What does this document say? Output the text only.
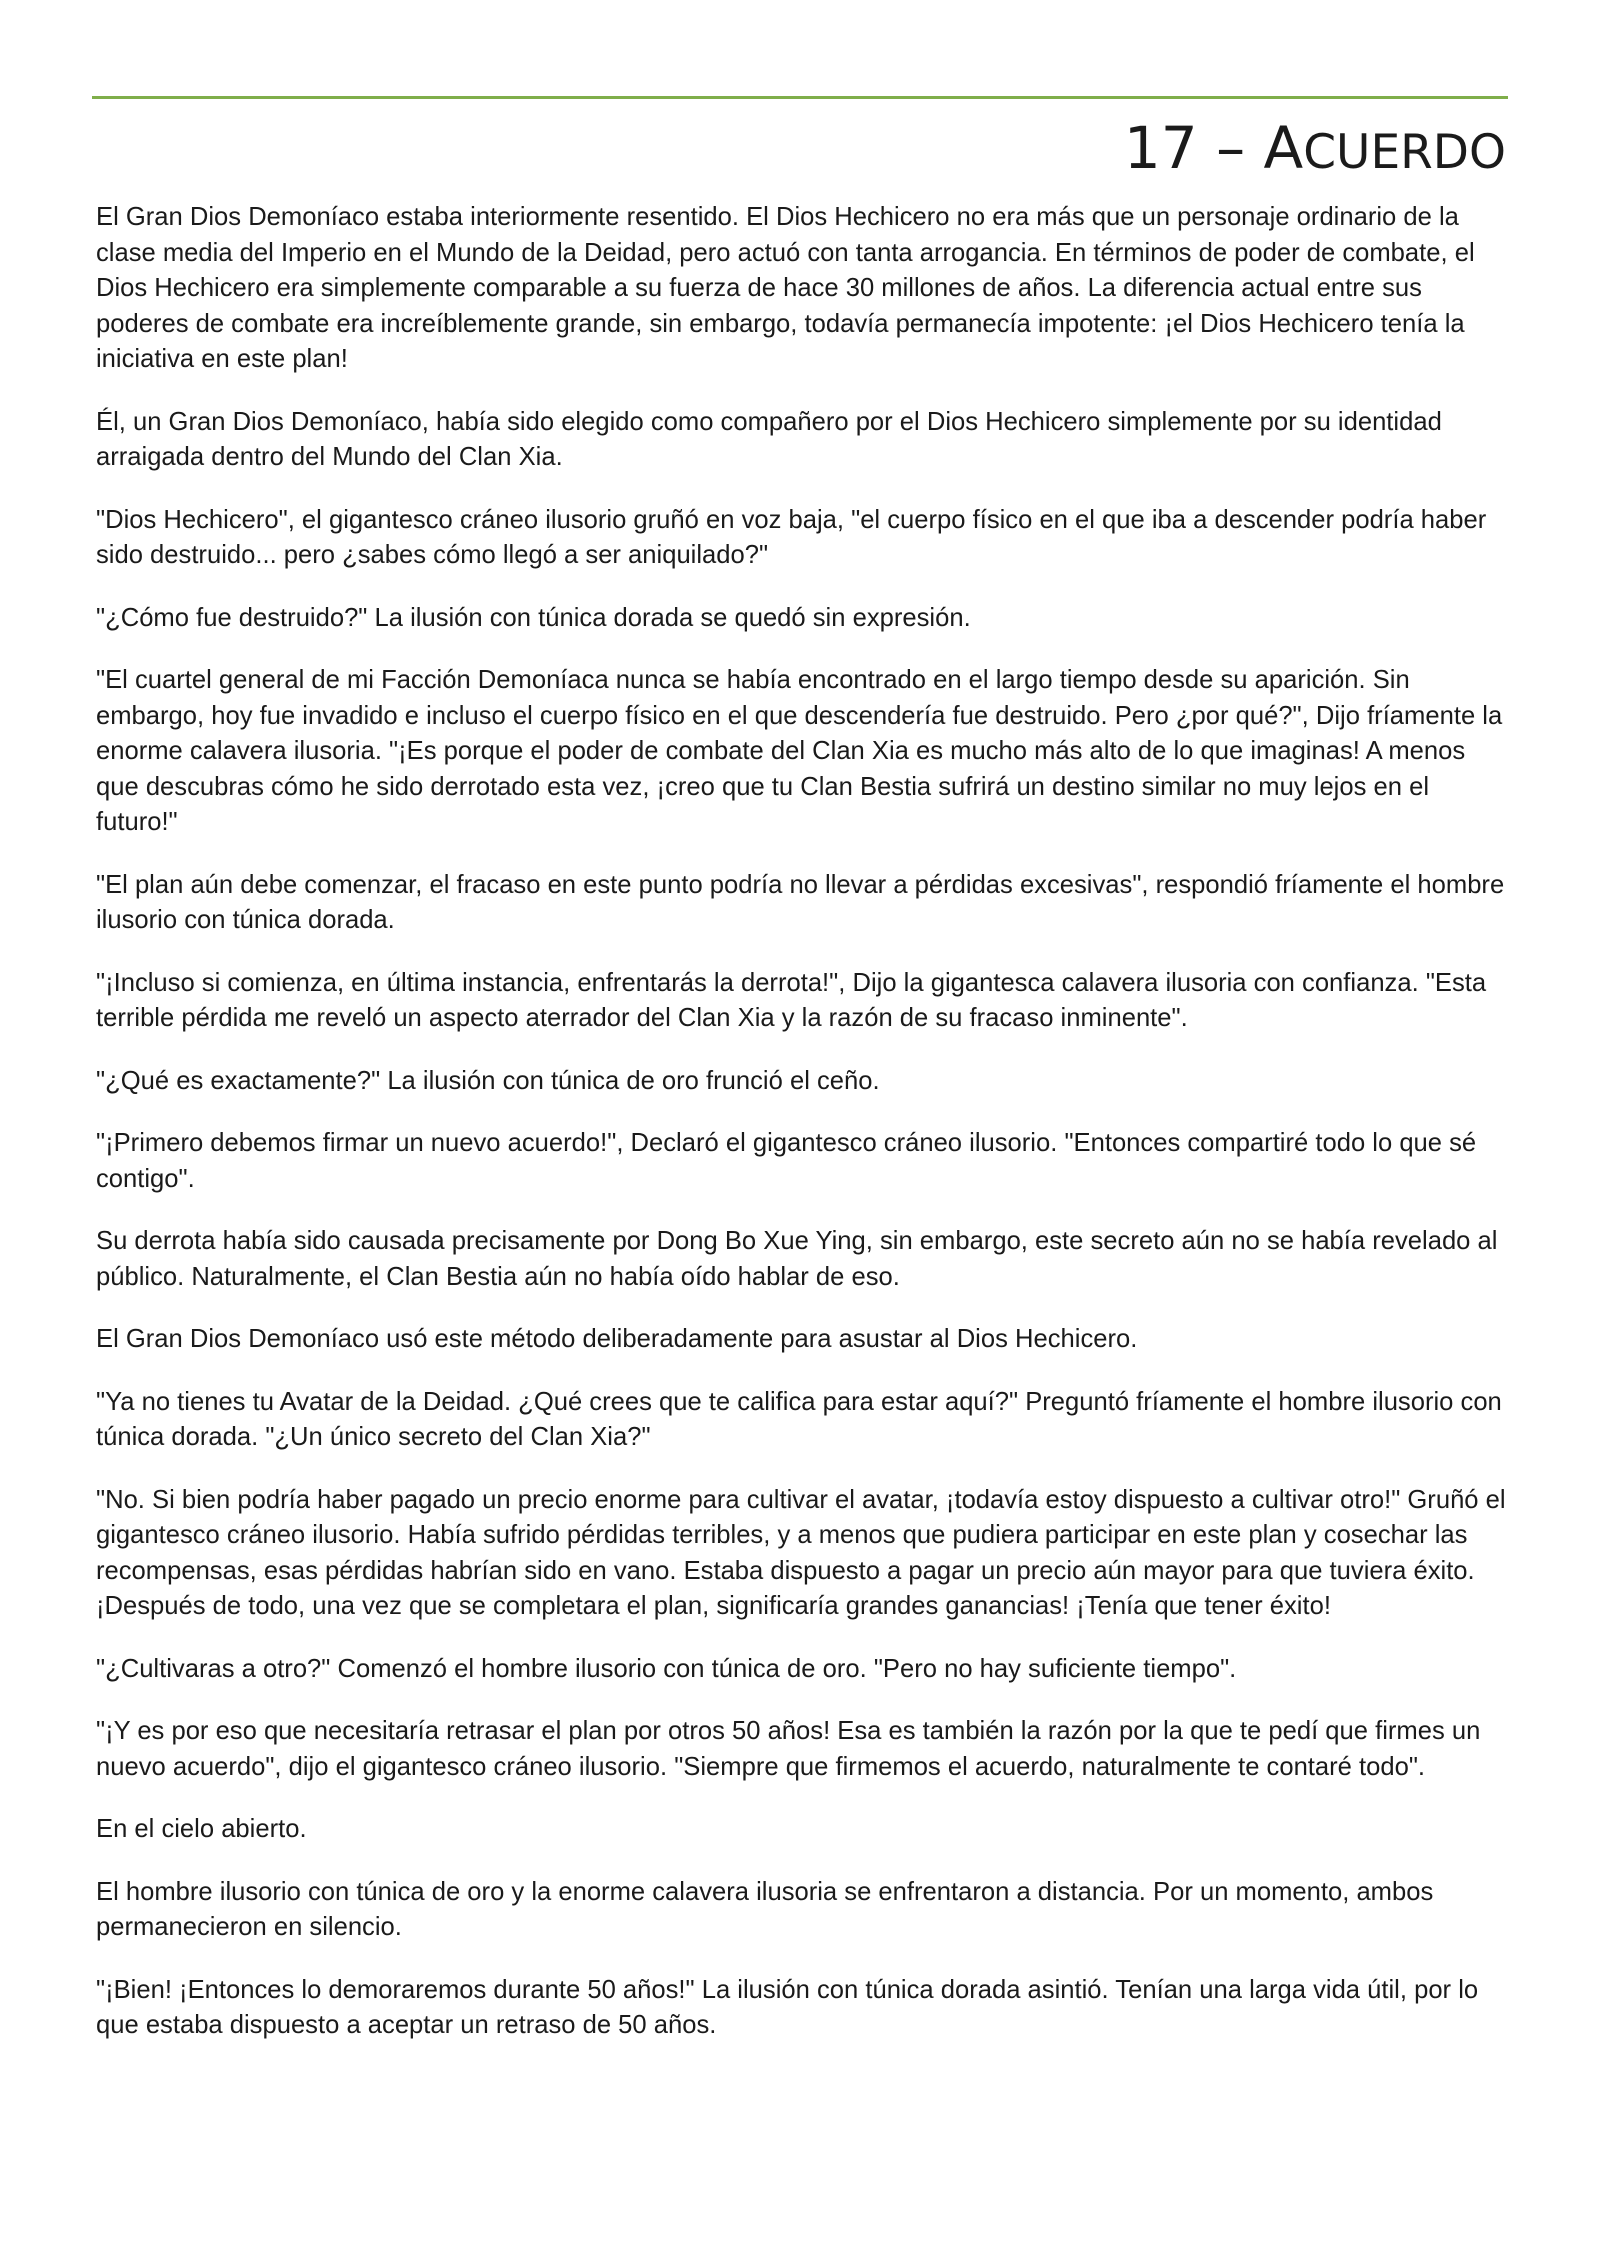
17 – ACUERDO

El Gran Dios Demoníaco estaba interiormente resentido. El Dios Hechicero no era más que un personaje ordinario de la clase media del Imperio en el Mundo de la Deidad, pero actuó con tanta arrogancia. En términos de poder de combate, el Dios Hechicero era simplemente comparable a su fuerza de hace 30 millones de años. La diferencia actual entre sus poderes de combate era increíblemente grande, sin embargo, todavía permanecía impotente: ¡el Dios Hechicero tenía la iniciativa en este plan!

Él, un Gran Dios Demoníaco, había sido elegido como compañero por el Dios Hechicero simplemente por su identidad arraigada dentro del Mundo del Clan Xia.

"Dios Hechicero", el gigantesco cráneo ilusorio gruñó en voz baja, "el cuerpo físico en el que iba a descender podría haber sido destruido... pero ¿sabes cómo llegó a ser aniquilado?"

"¿Cómo fue destruido?" La ilusión con túnica dorada se quedó sin expresión.

"El cuartel general de mi Facción Demoníaca nunca se había encontrado en el largo tiempo desde su aparición. Sin embargo, hoy fue invadido e incluso el cuerpo físico en el que descendería fue destruido. Pero ¿por qué?", Dijo fríamente la enorme calavera ilusoria. "¡Es porque el poder de combate del Clan Xia es mucho más alto de lo que imaginas! A menos que descubras cómo he sido derrotado esta vez, ¡creo que tu Clan Bestia sufrirá un destino similar no muy lejos en el futuro!"

"El plan aún debe comenzar, el fracaso en este punto podría no llevar a pérdidas excesivas", respondió fríamente el hombre ilusorio con túnica dorada.

"¡Incluso si comienza, en última instancia, enfrentarás la derrota!", Dijo la gigantesca calavera ilusoria con confianza. "Esta terrible pérdida me reveló un aspecto aterrador del Clan Xia y la razón de su fracaso inminente".

"¿Qué es exactamente?" La ilusión con túnica de oro frunció el ceño.

"¡Primero debemos firmar un nuevo acuerdo!", Declaró el gigantesco cráneo ilusorio. "Entonces compartiré todo lo que sé contigo".

Su derrota había sido causada precisamente por Dong Bo Xue Ying, sin embargo, este secreto aún no se había revelado al público. Naturalmente, el Clan Bestia aún no había oído hablar de eso.

El Gran Dios Demoníaco usó este método deliberadamente para asustar al Dios Hechicero.

"Ya no tienes tu Avatar de la Deidad. ¿Qué crees que te califica para estar aquí?" Preguntó fríamente el hombre ilusorio con túnica dorada. "¿Un único secreto del Clan Xia?"

"No. Si bien podría haber pagado un precio enorme para cultivar el avatar, ¡todavía estoy dispuesto a cultivar otro!" Gruñó el gigantesco cráneo ilusorio. Había sufrido pérdidas terribles, y a menos que pudiera participar en este plan y cosechar las recompensas, esas pérdidas habrían sido en vano. Estaba dispuesto a pagar un precio aún mayor para que tuviera éxito. ¡Después de todo, una vez que se completara el plan, significaría grandes ganancias! ¡Tenía que tener éxito!

"¿Cultivaras a otro?" Comenzó el hombre ilusorio con túnica de oro. "Pero no hay suficiente tiempo".

"¡Y es por eso que necesitaría retrasar el plan por otros 50 años! Esa es también la razón por la que te pedí que firmes un nuevo acuerdo", dijo el gigantesco cráneo ilusorio. "Siempre que firmemos el acuerdo, naturalmente te contaré todo".

En el cielo abierto.

El hombre ilusorio con túnica de oro y la enorme calavera ilusoria se enfrentaron a distancia. Por un momento, ambos permanecieron en silencio.

"¡Bien! ¡Entonces lo demoraremos durante 50 años!" La ilusión con túnica dorada asintió. Tenían una larga vida útil, por lo que estaba dispuesto a aceptar un retraso de 50 años.
